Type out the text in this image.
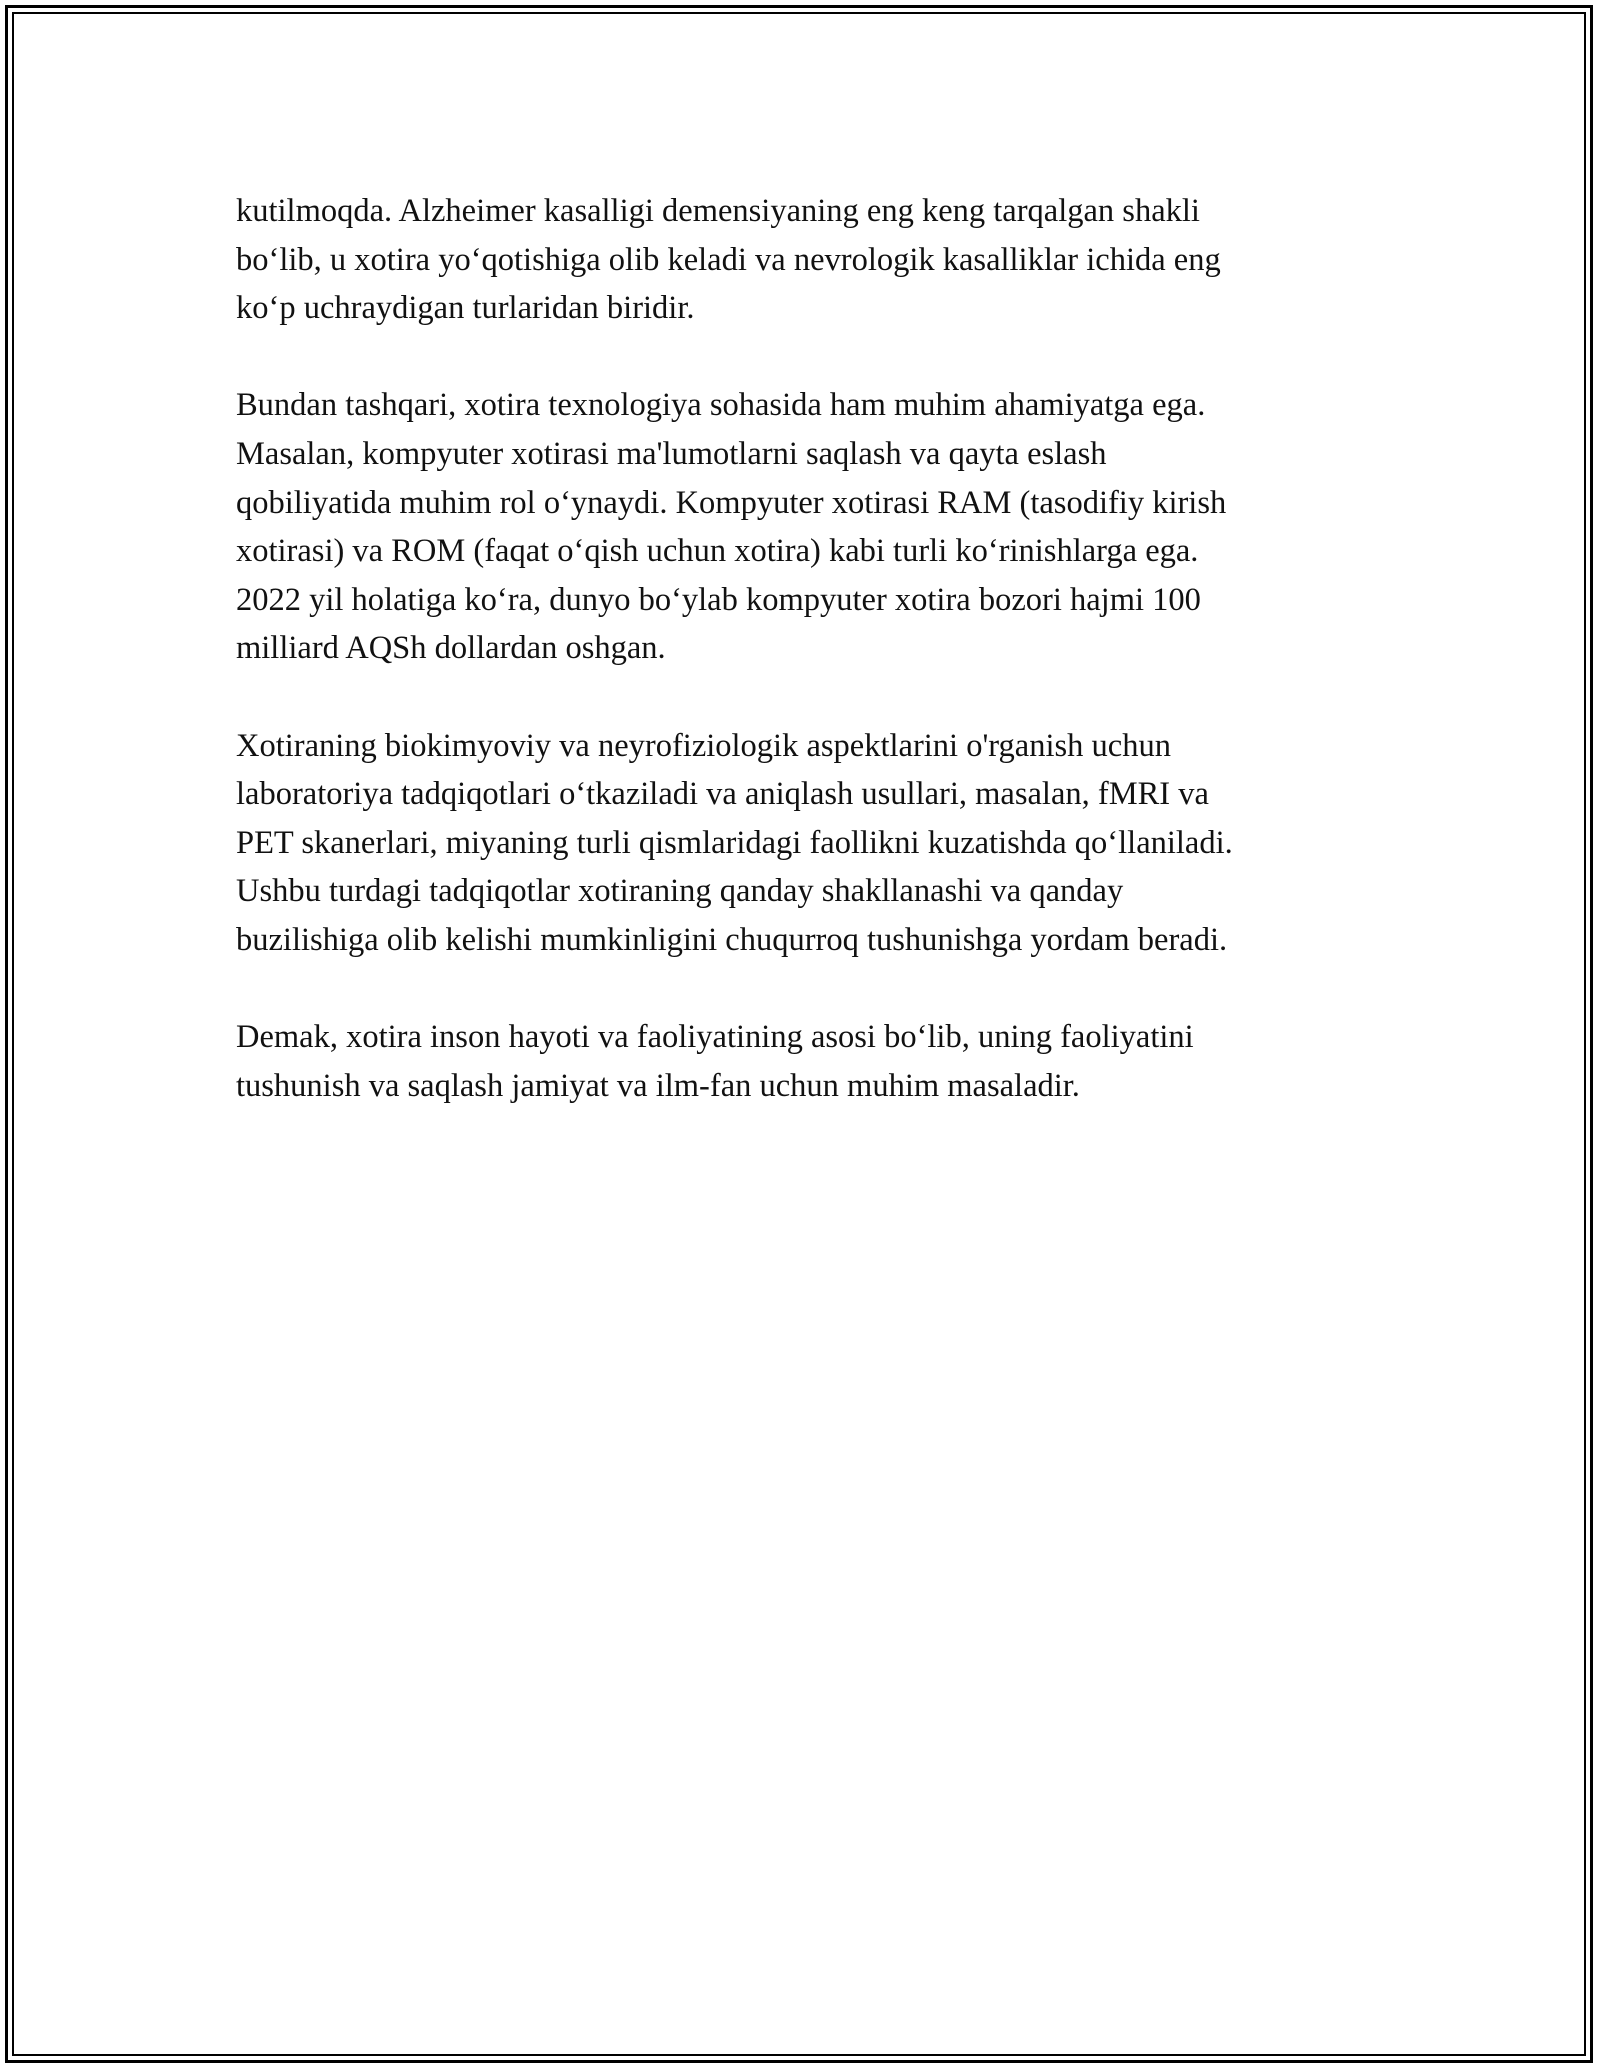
kutilmoqda. Alzheimer kasalligi demensiyaning eng keng tarqalgan shakli
boʻlib, u xotira yoʻqotishiga olib keladi va nevrologik kasalliklar ichida eng
koʻp uchraydigan turlaridan biridir.

Bundan tashqari, xotira texnologiya sohasida ham muhim ahamiyatga ega.
Masalan, kompyuter xotirasi ma'lumotlarni saqlash va qayta eslash
qobiliyatida muhim rol oʻynaydi. Kompyuter xotirasi RAM (tasodifiy kirish
xotirasi) va ROM (faqat oʻqish uchun xotira) kabi turli koʻrinishlarga ega.
2022 yil holatiga koʻra, dunyo boʻylab kompyuter xotira bozori hajmi 100
milliard AQSh dollardan oshgan.

Xotiraning biokimyoviy va neyrofiziologik aspektlarini o'rganish uchun
laboratoriya tadqiqotlari oʻtkaziladi va aniqlash usullari, masalan, fMRI va
PET skanerlari, miyaning turli qismlaridagi faollikni kuzatishda qoʻllaniladi.
Ushbu turdagi tadqiqotlar xotiraning qanday shakllanashi va qanday
buzilishiga olib kelishi mumkinligini chuqurroq tushunishga yordam beradi.

Demak, xotira inson hayoti va faoliyatining asosi boʻlib, uning faoliyatini
tushunish va saqlash jamiyat va ilm-fan uchun muhim masaladir.
